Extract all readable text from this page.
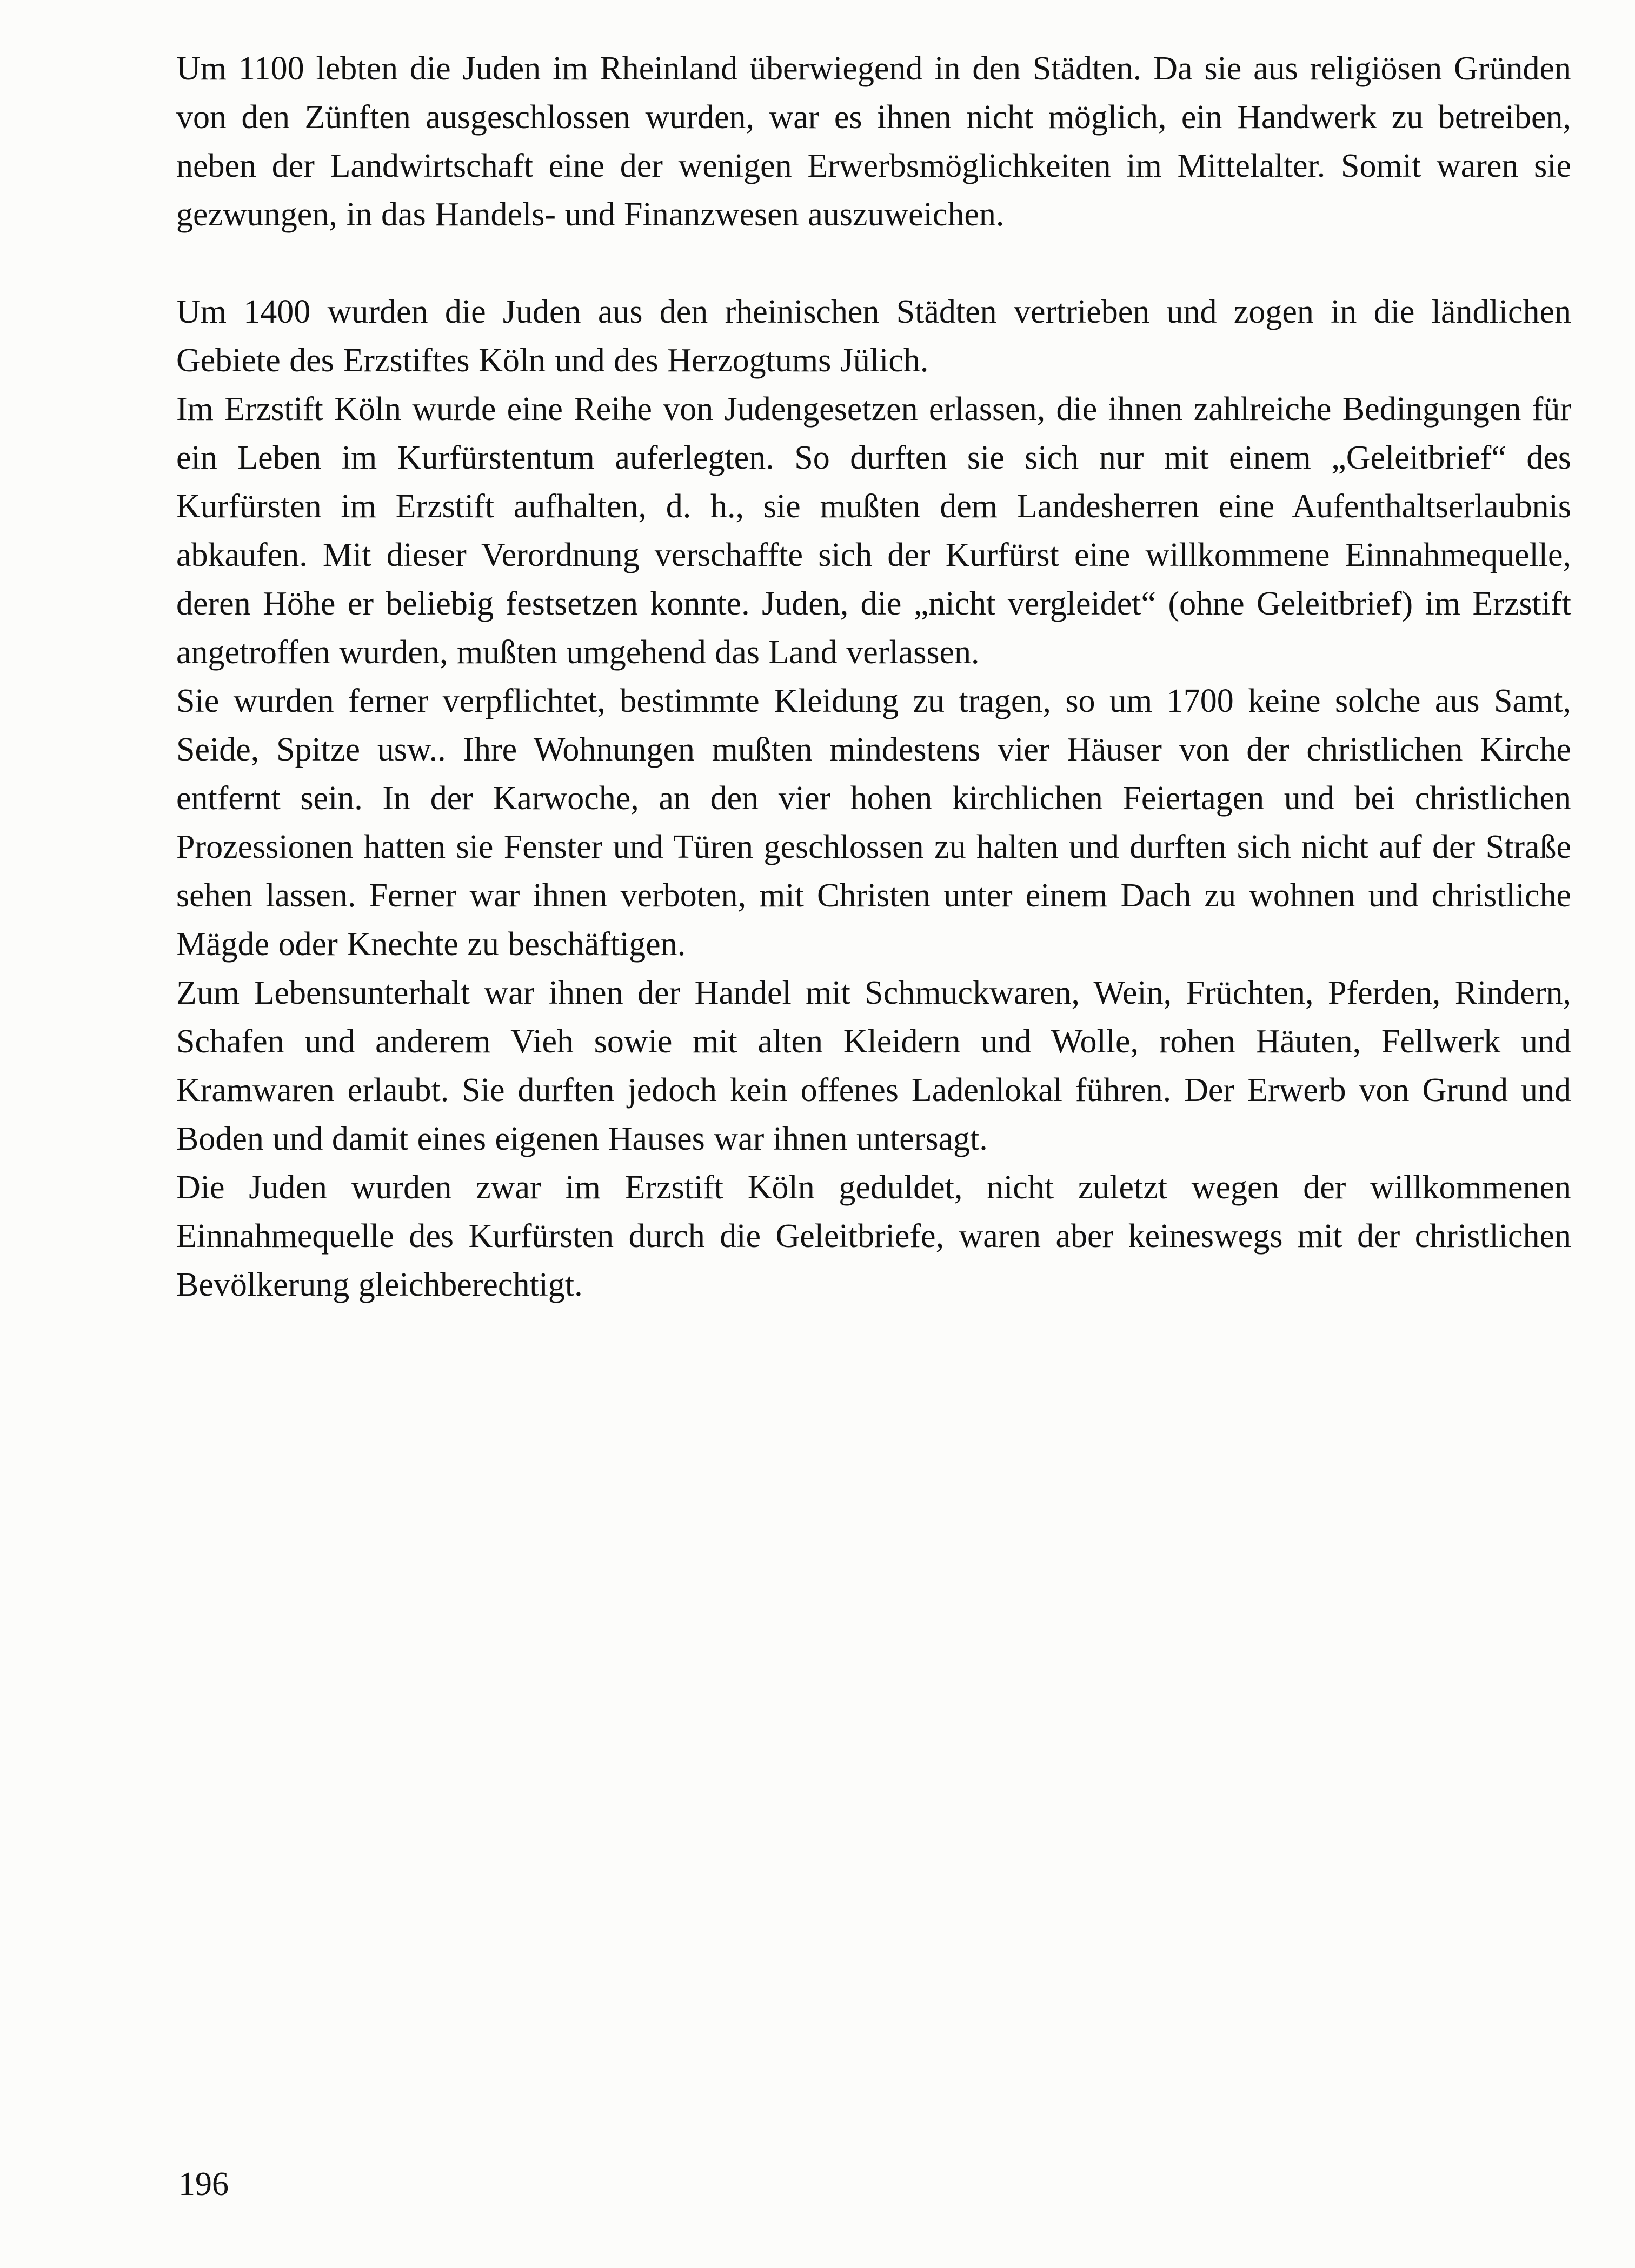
Um 1100 lebten die Juden im Rheinland überwiegend in den Städten. Da sie aus religiösen Gründen von den Zünften ausgeschlossen wurden, war es ihnen nicht möglich, ein Handwerk zu betreiben, neben der Landwirtschaft eine der wenigen Erwerbsmöglichkeiten im Mittelalter. Somit waren sie gezwungen, in das Handels- und Finanzwesen auszuweichen.

Um 1400 wurden die Juden aus den rheinischen Städten vertrieben und zogen in die ländlichen Gebiete des Erzstiftes Köln und des Herzogtums Jülich.

Im Erzstift Köln wurde eine Reihe von Judengesetzen erlassen, die ihnen zahlreiche Bedingungen für ein Leben im Kurfürstentum auferlegten. So durften sie sich nur mit einem „Geleitbrief“ des Kurfürsten im Erzstift aufhalten, d. h., sie mußten dem Landesherren eine Aufenthaltserlaubnis abkaufen. Mit dieser Verordnung verschaffte sich der Kurfürst eine willkommene Einnahmequelle, deren Höhe er beliebig festsetzen konnte. Juden, die „nicht vergleidet“ (ohne Geleitbrief) im Erzstift angetroffen wurden, mußten umgehend das Land verlassen.

Sie wurden ferner verpflichtet, bestimmte Kleidung zu tragen, so um 1700 keine solche aus Samt, Seide, Spitze usw.. Ihre Wohnungen mußten mindestens vier Häuser von der christlichen Kirche entfernt sein. In der Karwoche, an den vier hohen kirchlichen Feiertagen und bei christlichen Prozessionen hatten sie Fenster und Türen geschlossen zu halten und durften sich nicht auf der Straße sehen lassen. Ferner war ihnen verboten, mit Christen unter einem Dach zu wohnen und christliche Mägde oder Knechte zu beschäftigen.

Zum Lebensunterhalt war ihnen der Handel mit Schmuckwaren, Wein, Früchten, Pferden, Rindern, Schafen und anderem Vieh sowie mit alten Kleidern und Wolle, rohen Häuten, Fellwerk und Kramwaren erlaubt. Sie durften jedoch kein offenes Ladenlokal führen. Der Erwerb von Grund und Boden und damit eines eigenen Hauses war ihnen untersagt.

Die Juden wurden zwar im Erzstift Köln geduldet, nicht zuletzt wegen der willkommenen Einnahmequelle des Kurfürsten durch die Geleitbriefe, waren aber keineswegs mit der christlichen Bevölkerung gleichberechtigt.

196
